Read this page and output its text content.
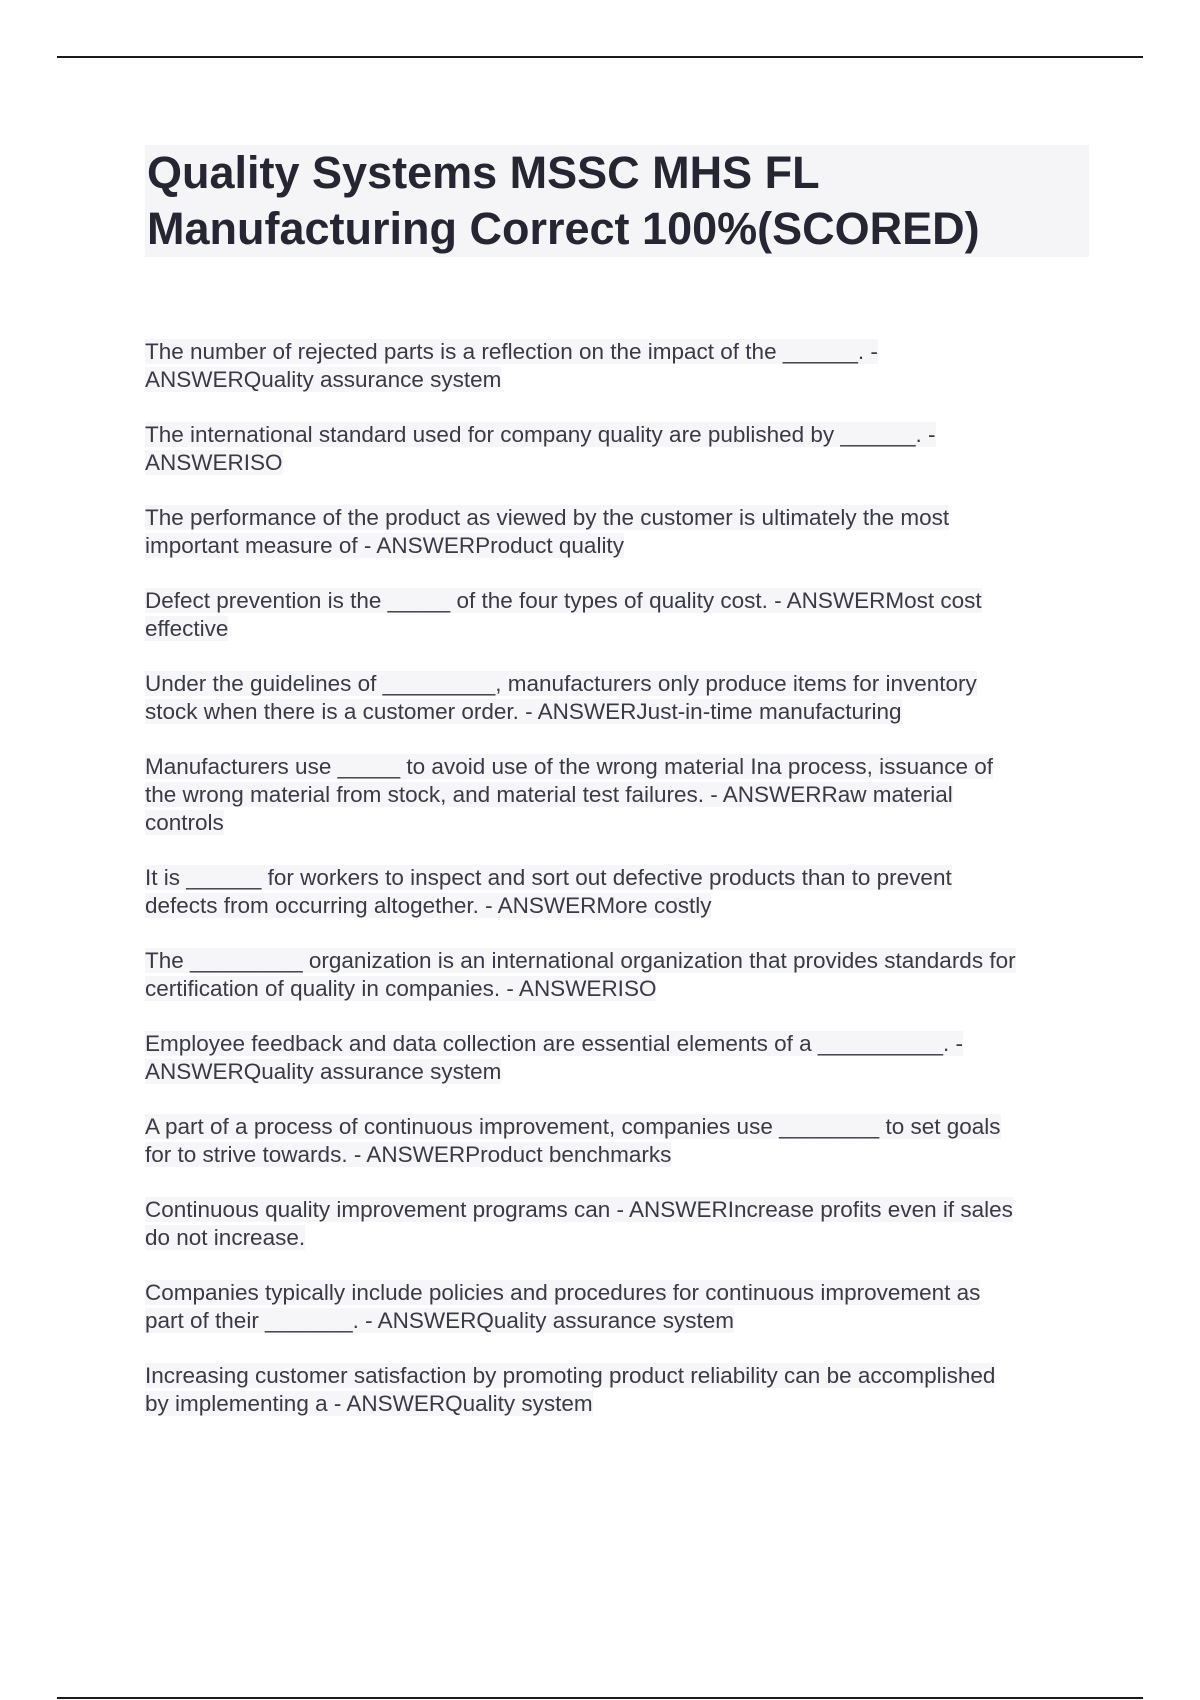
Quality Systems MSSC MHS FL
Manufacturing Correct 100%(SCORED)
The number of rejected parts is a reflection on the impact of the ______. -
ANSWERQuality assurance system
The international standard used for company quality are published by ______. -
ANSWERISO
The performance of the product as viewed by the customer is ultimately the most
important measure of - ANSWERProduct quality
Defect prevention is the _____ of the four types of quality cost. - ANSWERMost cost
effective
Under the guidelines of _________, manufacturers only produce items for inventory
stock when there is a customer order. - ANSWERJust-in-time manufacturing
Manufacturers use _____ to avoid use of the wrong material Ina process, issuance of
the wrong material from stock, and material test failures. - ANSWERRaw material
controls
It is ______ for workers to inspect and sort out defective products than to prevent
defects from occurring altogether. - ANSWERMore costly
The _________ organization is an international organization that provides standards for
certification of quality in companies. - ANSWERISO
Employee feedback and data collection are essential elements of a __________. -
ANSWERQuality assurance system
A part of a process of continuous improvement, companies use ________ to set goals
for to strive towards. - ANSWERProduct benchmarks
Continuous quality improvement programs can - ANSWERIncrease profits even if sales
do not increase.
Companies typically include policies and procedures for continuous improvement as
part of their _______. - ANSWERQuality assurance system
Increasing customer satisfaction by promoting product reliability can be accomplished
by implementing a - ANSWERQuality system
